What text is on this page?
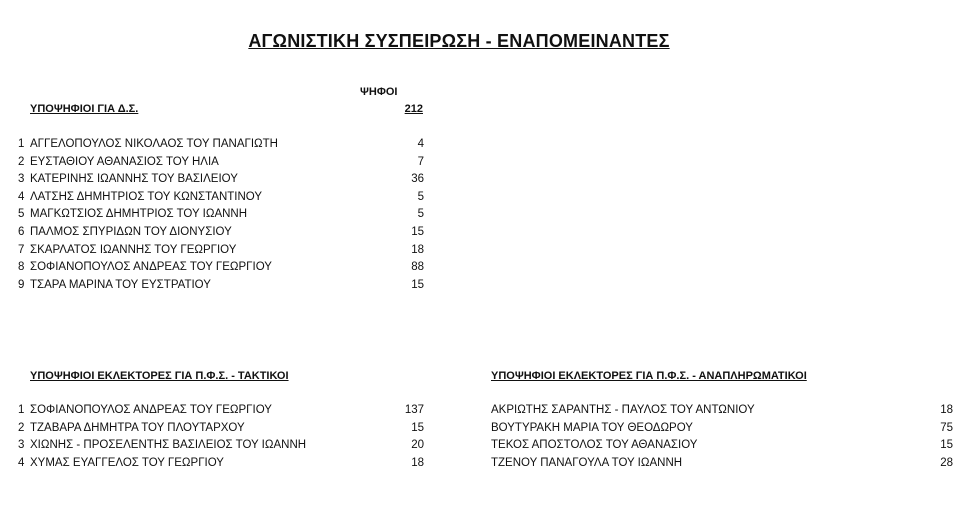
ΑΓΩΝΙΣΤΙΚΗ ΣΥΣΠΕΙΡΩΣΗ - ΕΝΑΠΟΜΕΙΝΑΝΤΕΣ
ΨΗΦΟΙ
ΥΠΟΨΗΦΙΟΙ ΓΙΑ Δ.Σ.	212
1 ΑΓΓΕΛΟΠΟΥΛΟΣ ΝΙΚΟΛΑΟΣ ΤΟΥ ΠΑΝΑΓΙΩΤΗ	4
2 ΕΥΣΤΑΘΙΟΥ ΑΘΑΝΑΣΙΟΣ ΤΟΥ ΗΛΙΑ	7
3 ΚΑΤΕΡΙΝΗΣ ΙΩΑΝΝΗΣ ΤΟΥ ΒΑΣΙΛΕΙΟΥ	36
4 ΛΑΤΣΗΣ ΔΗΜΗΤΡΙΟΣ ΤΟΥ ΚΩΝΣΤΑΝΤΙΝΟΥ	5
5 ΜΑΓΚΩΤΣΙΟΣ ΔΗΜΗΤΡΙΟΣ ΤΟΥ ΙΩΑΝΝΗ	5
6 ΠΑΛΜΟΣ ΣΠΥΡΙΔΩΝ ΤΟΥ ΔΙΟΝΥΣΙΟΥ	15
7 ΣΚΑΡΛΑΤΟΣ ΙΩΑΝΝΗΣ ΤΟΥ ΓΕΩΡΓΙΟΥ	18
8 ΣΟΦΙΑΝΟΠΟΥΛΟΣ ΑΝΔΡΕΑΣ ΤΟΥ ΓΕΩΡΓΙΟΥ	88
9 ΤΣΑΡΑ ΜΑΡΙΝΑ ΤΟΥ ΕΥΣΤΡΑΤΙΟΥ	15
ΥΠΟΨΗΦΙΟΙ ΕΚΛΕΚΤΟΡΕΣ ΓΙΑ Π.Φ.Σ. - ΤΑΚΤΙΚΟΙ
1 ΣΟΦΙΑΝΟΠΟΥΛΟΣ ΑΝΔΡΕΑΣ ΤΟΥ ΓΕΩΡΓΙΟΥ	137
2 ΤΖΑΒΑΡΑ ΔΗΜΗΤΡΑ ΤΟΥ ΠΛΟΥΤΑΡΧΟΥ	15
3 ΧΙΩΝΗΣ - ΠΡΟΣΕΛΕΝΤΗΣ ΒΑΣΙΛΕΙΟΣ ΤΟΥ ΙΩΑΝΝΗ	20
4 ΧΥΜΑΣ ΕΥΑΓΓΕΛΟΣ ΤΟΥ ΓΕΩΡΓΙΟΥ	18
ΥΠΟΨΗΦΙΟΙ ΕΚΛΕΚΤΟΡΕΣ ΓΙΑ Π.Φ.Σ. - ΑΝΑΠΛΗΡΩΜΑΤΙΚΟΙ
ΑΚΡΙΩΤΗΣ ΣΑΡΑΝΤΗΣ - ΠΑΥΛΟΣ ΤΟΥ ΑΝΤΩΝΙΟΥ	18
ΒΟΥΤΥΡΑΚΗ ΜΑΡΙΑ ΤΟΥ ΘΕΟΔΩΡΟΥ	75
ΤΕΚΟΣ ΑΠΟΣΤΟΛΟΣ ΤΟΥ ΑΘΑΝΑΣΙΟΥ	15
ΤΖΕΝΟΥ ΠΑΝΑΓΟΥΛΑ ΤΟΥ ΙΩΑΝΝΗ	28
